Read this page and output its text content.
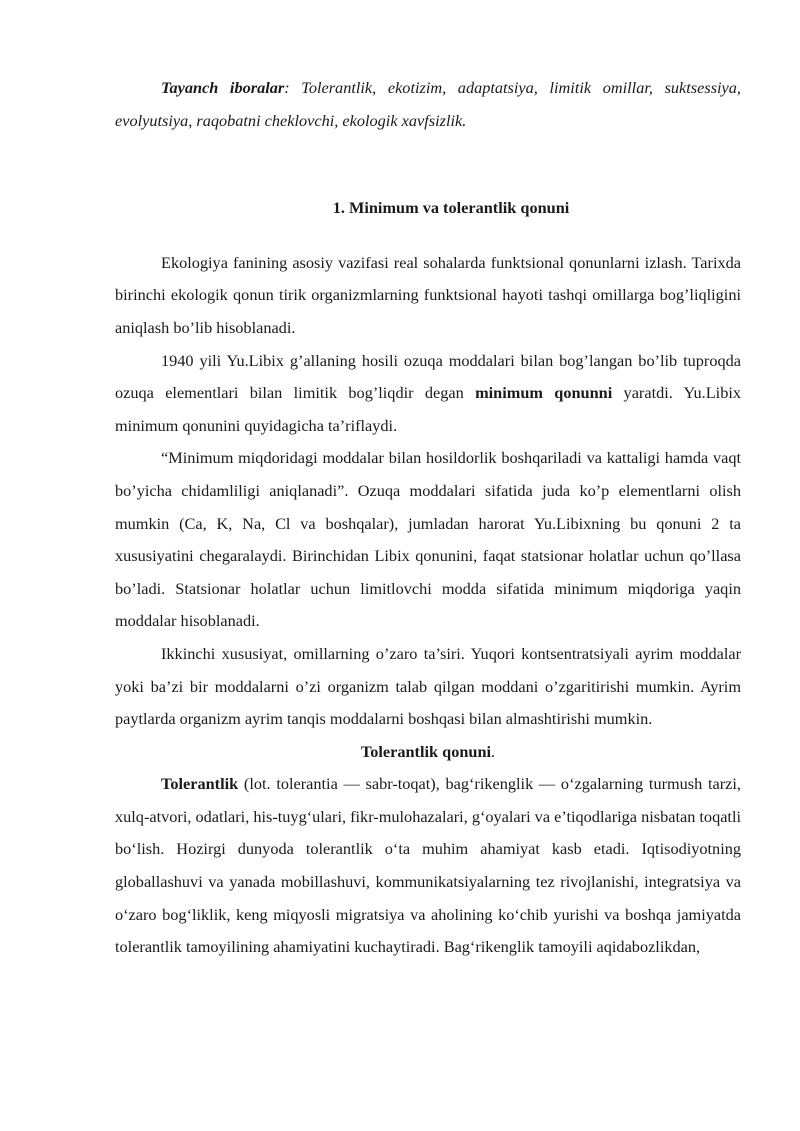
Tayanch iboralar: Tolerantlik, ekotizim, adaptatsiya, limitik omillar, suktsessiya, evolyutsiya, raqobatni cheklovchi, ekologik xavfsizlik.

1. Minimum va tolerantlik qonuni

Ekologiya fanining asosiy vazifasi real sohalarda funktsional qonunlarni izlash. Tarixda birinchi ekologik qonun tirik organizmlarning funktsional hayoti tashqi omillarga bog’liqligini aniqlash bo’lib hisoblanadi.

1940 yili Yu.Libix g’allaning hosili ozuqa moddalari bilan bog’langan bo’lib tuproqda ozuqa elementlari bilan limitik bog’liqdir degan minimum qonunni yaratdi. Yu.Libix minimum qonunini quyidagicha ta’riflaydi.

“Minimum miqdoridagi moddalar bilan hosildorlik boshqariladi va kattaligi hamda vaqt bo’yicha chidamliligi aniqlanadi”. Ozuqa moddalari sifatida juda ko’p elementlarni olish mumkin (Ca, K, Na, Cl va boshqalar), jumladan harorat Yu.Libixning bu qonuni 2 ta xususiyatini chegaralaydi. Birinchidan Libix qonunini, faqat statsionar holatlar uchun qo’llasa bo’ladi. Statsionar holatlar uchun limitlovchi modda sifatida minimum miqdoriga yaqin moddalar hisoblanadi.

Ikkinchi xususiyat, omillarning o’zaro ta’siri. Yuqori kontsentratsiyali ayrim moddalar yoki ba’zi bir moddalarni o’zi organizm talab qilgan moddani o’zgaritirishi mumkin. Ayrim paytlarda organizm ayrim tanqis moddalarni boshqasi bilan almashtirishi mumkin.

Tolerantlik qonuni.

Tolerantlik (lot. tolerantia — sabr-toqat), bag‘rikenglik — o‘zgalarning turmush tarzi, xulq-atvori, odatlari, his-tuyg‘ulari, fikr-mulohazalari, g‘oyalari va e’tiqodlariga nisbatan toqatli bo‘lish. Hozirgi dunyoda tolerantlik o‘ta muhim ahamiyat kasb etadi. Iqtisodiyotning globallashuvi va yanada mobillashuvi, kommunikatsiyalarning tez rivojlanishi, integratsiya va o‘zaro bog‘liklik, keng miqyosli migratsiya va aholining ko‘chib yurishi va boshqa jamiyatda tolerantlik tamoyilining ahamiyatini kuchaytiradi. Bag‘rikenglik tamoyili aqidabozlikdan,
